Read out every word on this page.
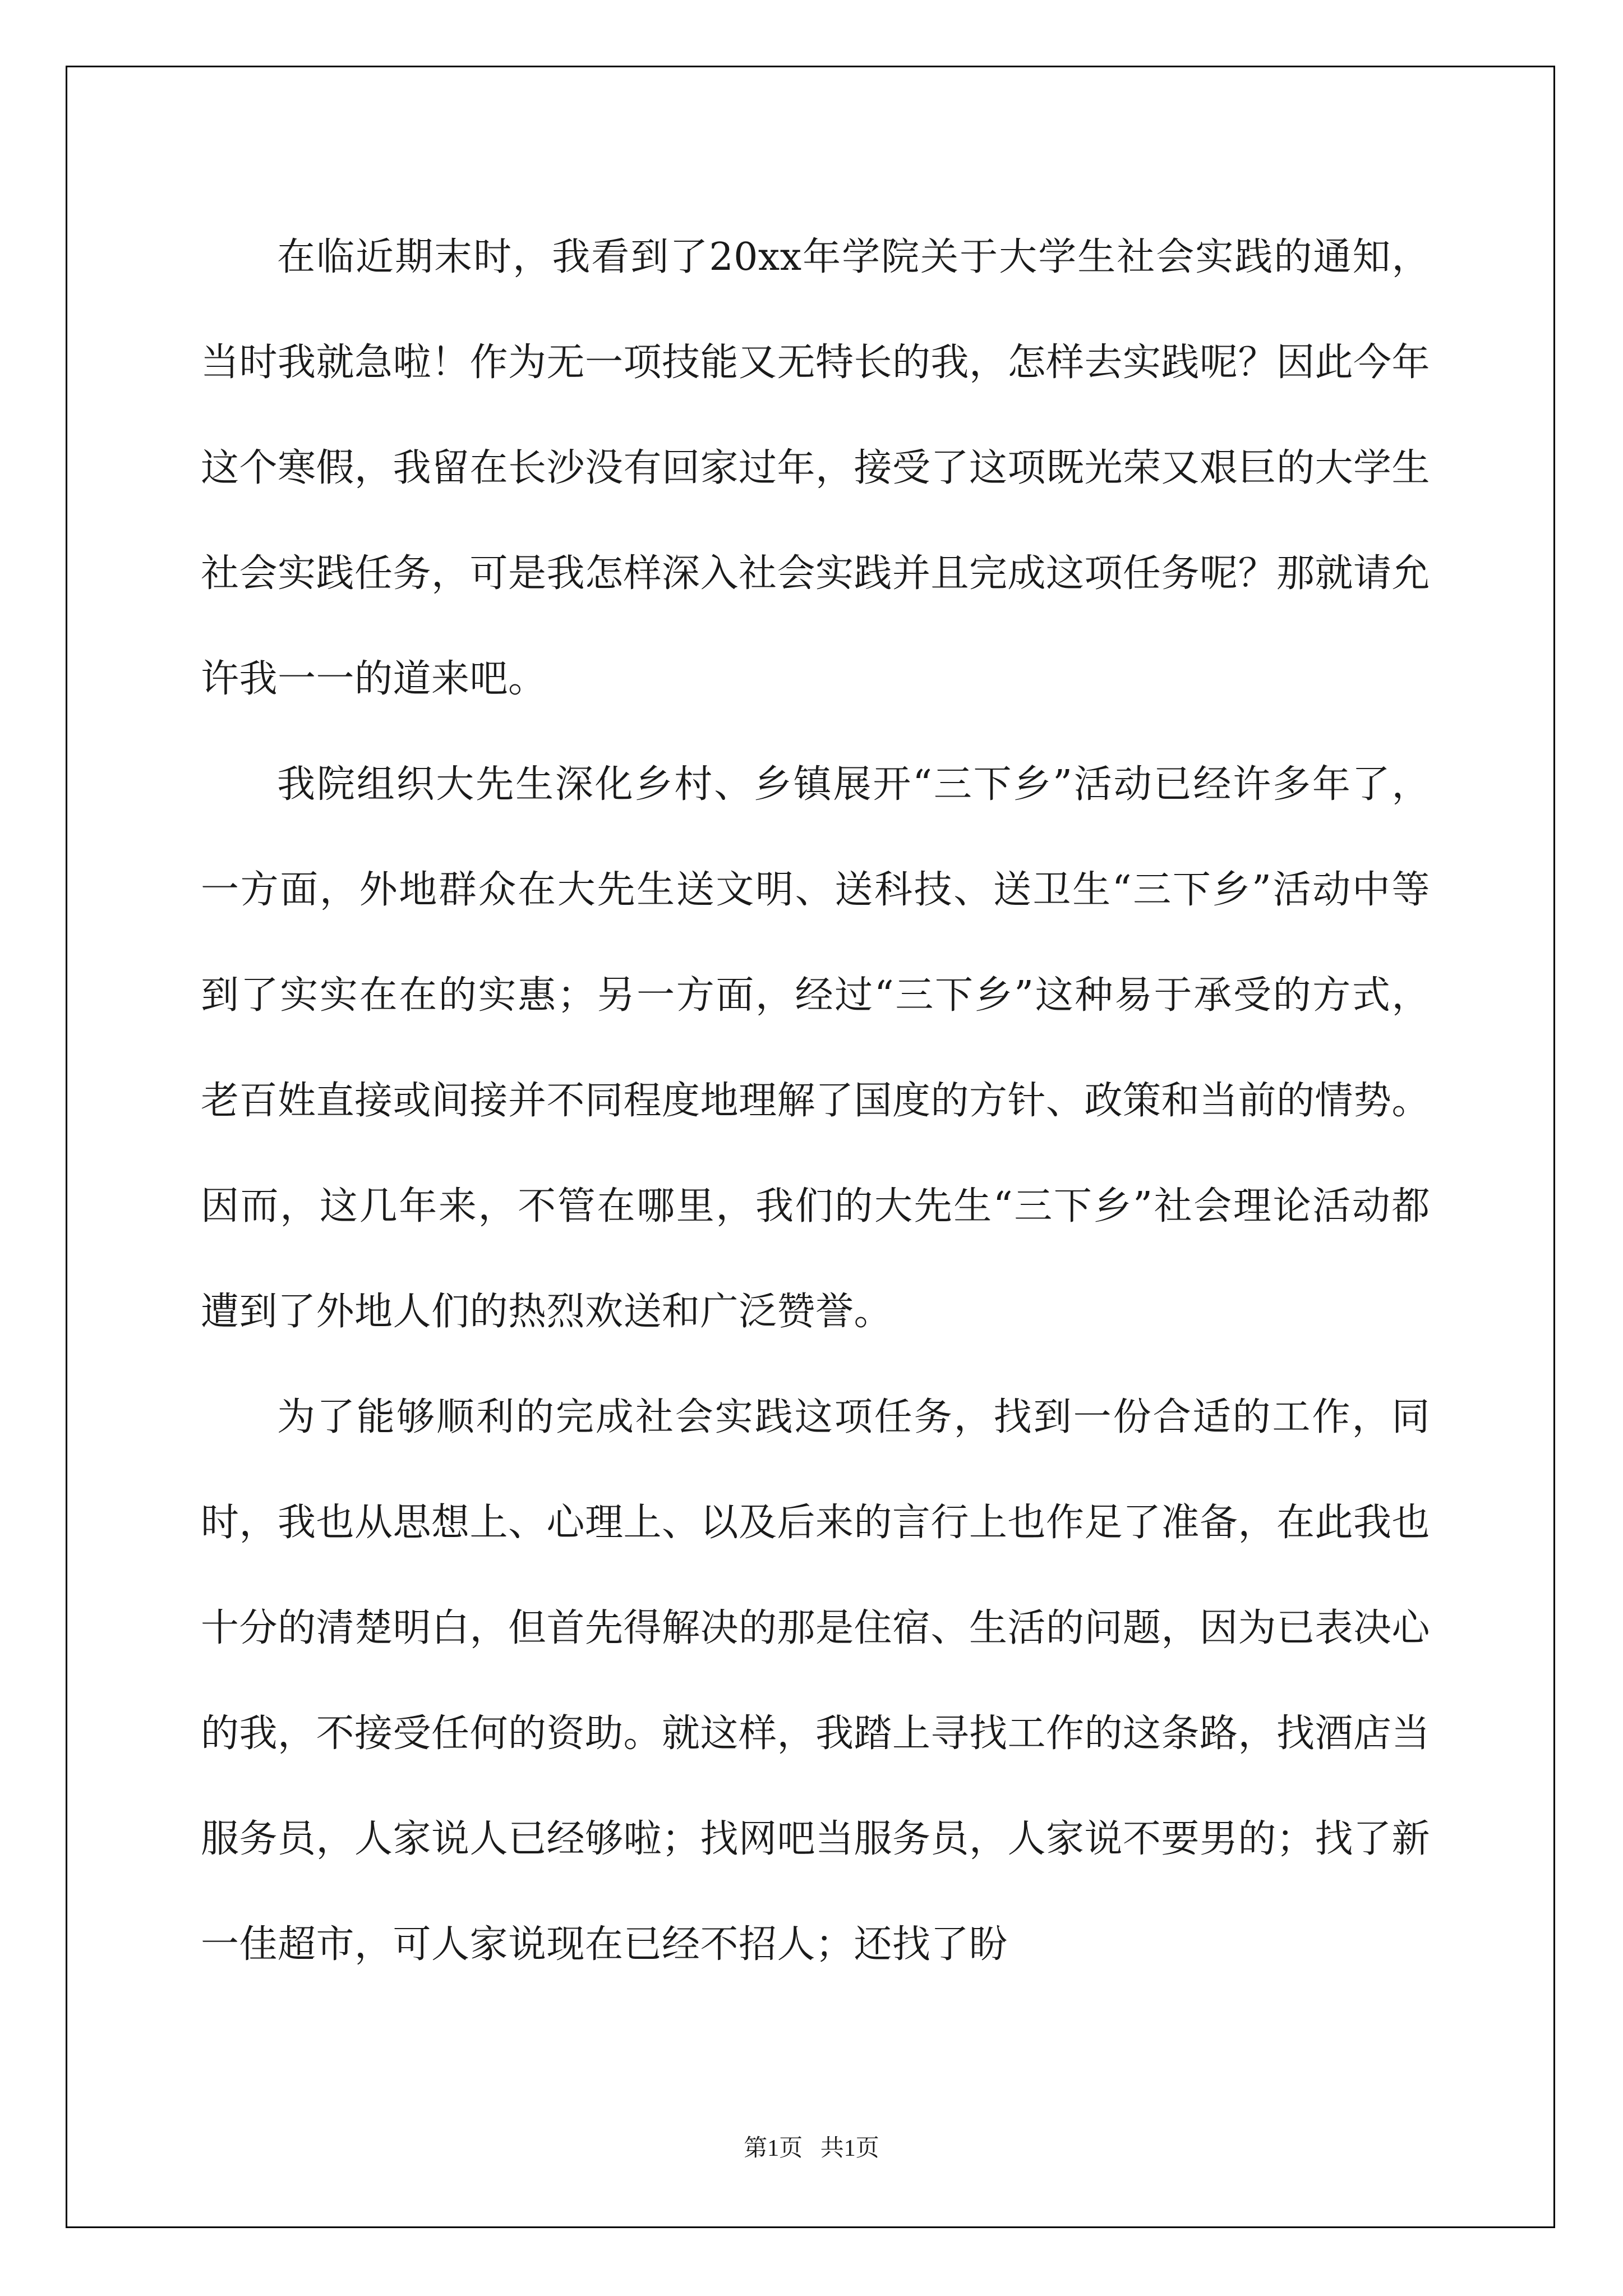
在临近期末时，我看到了20xx年学院关于大学生社会实践的通知，当时我就急啦！作为无一项技能又无特长的我，怎样去实践呢？因此今年这个寒假，我留在长沙没有回家过年，接受了这项既光荣又艰巨的大学生社会实践任务，可是我怎样深入社会实践并且完成这项任务呢？那就请允许我一一的道来吧。

我院组织大先生深化乡村、乡镇展开“三下乡”活动已经许多年了，一方面，外地群众在大先生送文明、送科技、送卫生“三下乡”活动中等到了实实在在的实惠；另一方面，经过“三下乡”这种易于承受的方式，老百姓直接或间接并不同程度地理解了国度的方针、政策和当前的情势。因而，这几年来，不管在哪里，我们的大先生“三下乡”社会理论活动都遭到了外地人们的热烈欢送和广泛赞誉。

为了能够顺利的完成社会实践这项任务，找到一份合适的工作，同时，我也从思想上、心理上、以及后来的言行上也作足了准备，在此我也十分的清楚明白，但首先得解决的那是住宿、生活的问题，因为已表决心的我，不接受任何的资助。就这样，我踏上寻找工作的这条路，找酒店当服务员，人家说人已经够啦；找网吧当服务员，人家说不要男的；找了新一佳超市，可人家说现在已经不招人；还找了盼

第1页 共1页
